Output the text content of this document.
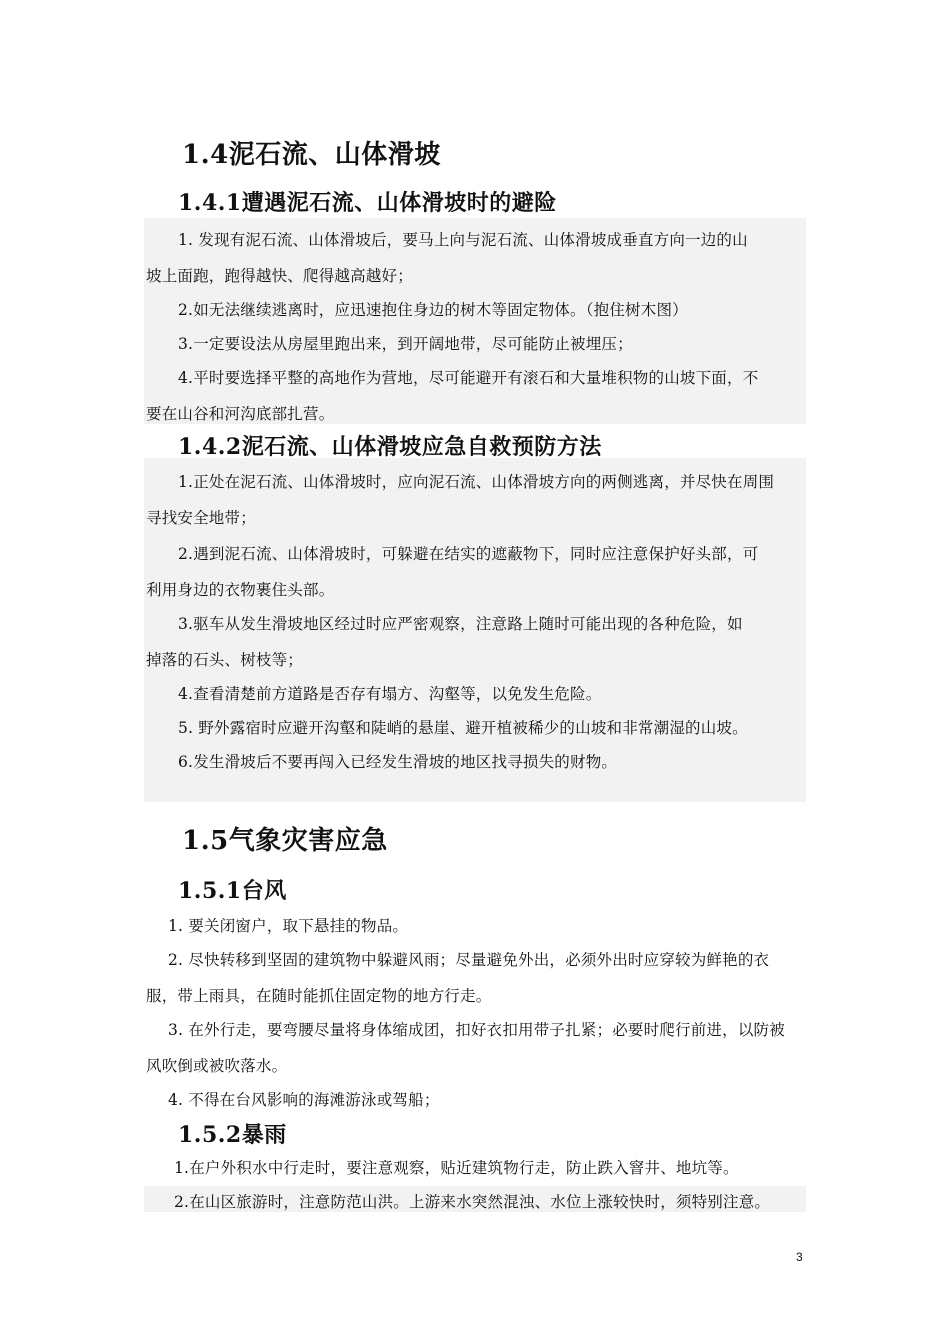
1.4泥石流、山体滑坡
1.4.1遭遇泥石流、山体滑坡时的避险
1. 发现有泥石流、山体滑坡后，要马上向与泥石流、山体滑坡成垂直方向一边的山
坡上面跑，跑得越快、爬得越高越好；
2.如无法继续逃离时，应迅速抱住身边的树木等固定物体。（抱住树木图）
3.一定要设法从房屋里跑出来，到开阔地带，尽可能防止被埋压；
4.平时要选择平整的高地作为营地，尽可能避开有滚石和大量堆积物的山坡下面，不
要在山谷和河沟底部扎营。
1.4.2泥石流、山体滑坡应急自救预防方法
1.正处在泥石流、山体滑坡时，应向泥石流、山体滑坡方向的两侧逃离，并尽快在周围
寻找安全地带；
2.遇到泥石流、山体滑坡时，可躲避在结实的遮蔽物下，同时应注意保护好头部，可
利用身边的衣物裹住头部。
3.驱车从发生滑坡地区经过时应严密观察，注意路上随时可能出现的各种危险，如
掉落的石头、树枝等；
4.查看清楚前方道路是否存有塌方、沟壑等，以免发生危险。
5. 野外露宿时应避开沟壑和陡峭的悬崖、避开植被稀少的山坡和非常潮湿的山坡。
6.发生滑坡后不要再闯入已经发生滑坡的地区找寻损失的财物。
1.5气象灾害应急
1.5.1台风
1. 要关闭窗户，取下悬挂的物品。
2. 尽快转移到坚固的建筑物中躲避风雨；尽量避免外出，必须外出时应穿较为鲜艳的衣
服，带上雨具，在随时能抓住固定物的地方行走。
3. 在外行走，要弯腰尽量将身体缩成团，扣好衣扣用带子扎紧；必要时爬行前进，以防被
风吹倒或被吹落水。
4. 不得在台风影响的海滩游泳或驾船；
1.5.2暴雨
1.在户外积水中行走时，要注意观察，贴近建筑物行走，防止跌入窨井、地坑等。
2.在山区旅游时，注意防范山洪。上游来水突然混浊、水位上涨较快时，须特别注意。
3
